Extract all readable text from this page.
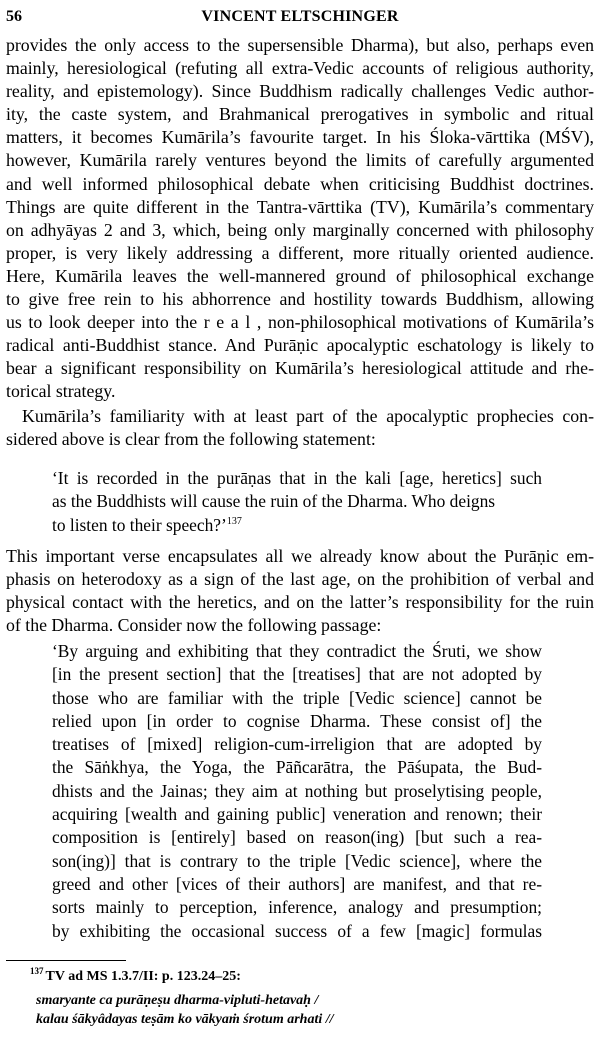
56	VINCENT ELTSCHINGER
provides the only access to the supersensible Dharma), but also, perhaps even
mainly, heresiological (refuting all extra-Vedic accounts of religious authority,
reality, and epistemology). Since Buddhism radically challenges Vedic author-
ity, the caste system, and Brahmanical prerogatives in symbolic and ritual
matters, it becomes Kumārila’s favourite target. In his Śloka-vārttika (MŚV),
however, Kumārila rarely ventures beyond the limits of carefully argumented
and well informed philosophical debate when criticising Buddhist doctrines.
Things are quite different in the Tantra-vārttika (TV), Kumārila’s commentary
on adhyāyas 2 and 3, which, being only marginally concerned with philosophy
proper, is very likely addressing a different, more ritually oriented audience.
Here, Kumārila leaves the well-mannered ground of philosophical exchange
to give free rein to his abhorrence and hostility towards Buddhism, allowing
us to look deeper into the r e a l , non-philosophical motivations of Kumārila’s
radical anti-Buddhist stance. And Purāṇic apocalyptic eschatology is likely to
bear a significant responsibility on Kumārila’s heresiological attitude and rhe-
torical strategy.
Kumārila’s familiarity with at least part of the apocalyptic prophecies con-
sidered above is clear from the following statement:
‘It is recorded in the purāṇas that in the kali [age, heretics] such
as the Buddhists will cause the ruin of the Dharma. Who deigns
to listen to their speech?’$^{137}$
This important verse encapsulates all we already know about the Purāṇic em-
phasis on heterodoxy as a sign of the last age, on the prohibition of verbal and
physical contact with the heretics, and on the latter’s responsibility for the ruin
of the Dharma. Consider now the following passage:
‘By arguing and exhibiting that they contradict the Śruti, we show
[in the present section] that the [treatises] that are not adopted by
those who are familiar with the triple [Vedic science] cannot be
relied upon [in order to cognise Dharma. These consist of] the
treatises of [mixed] religion-cum-irreligion that are adopted by
the Sāṅkhya, the Yoga, the Pāñcarātra, the Pāśupata, the Bud-
dhists and the Jainas; they aim at nothing but proselytising people,
acquiring [wealth and gaining public] veneration and renown; their
composition is [entirely] based on reason(ing) [but such a rea-
son(ing)] that is contrary to the triple [Vedic science], where the
greed and other [vices of their authors] are manifest, and that re-
sorts mainly to perception, inference, analogy and presumption;
by exhibiting the occasional success of a few [magic] formulas
$^{137}$ TV ad MS 1.3.7/II: p. 123.24–25:
smaryante ca purāṇeṣu dharma-vipluti-hetavaḥ /
kalau śākyâdayas teṣām ko vākyaṁ śrotum arhati //
